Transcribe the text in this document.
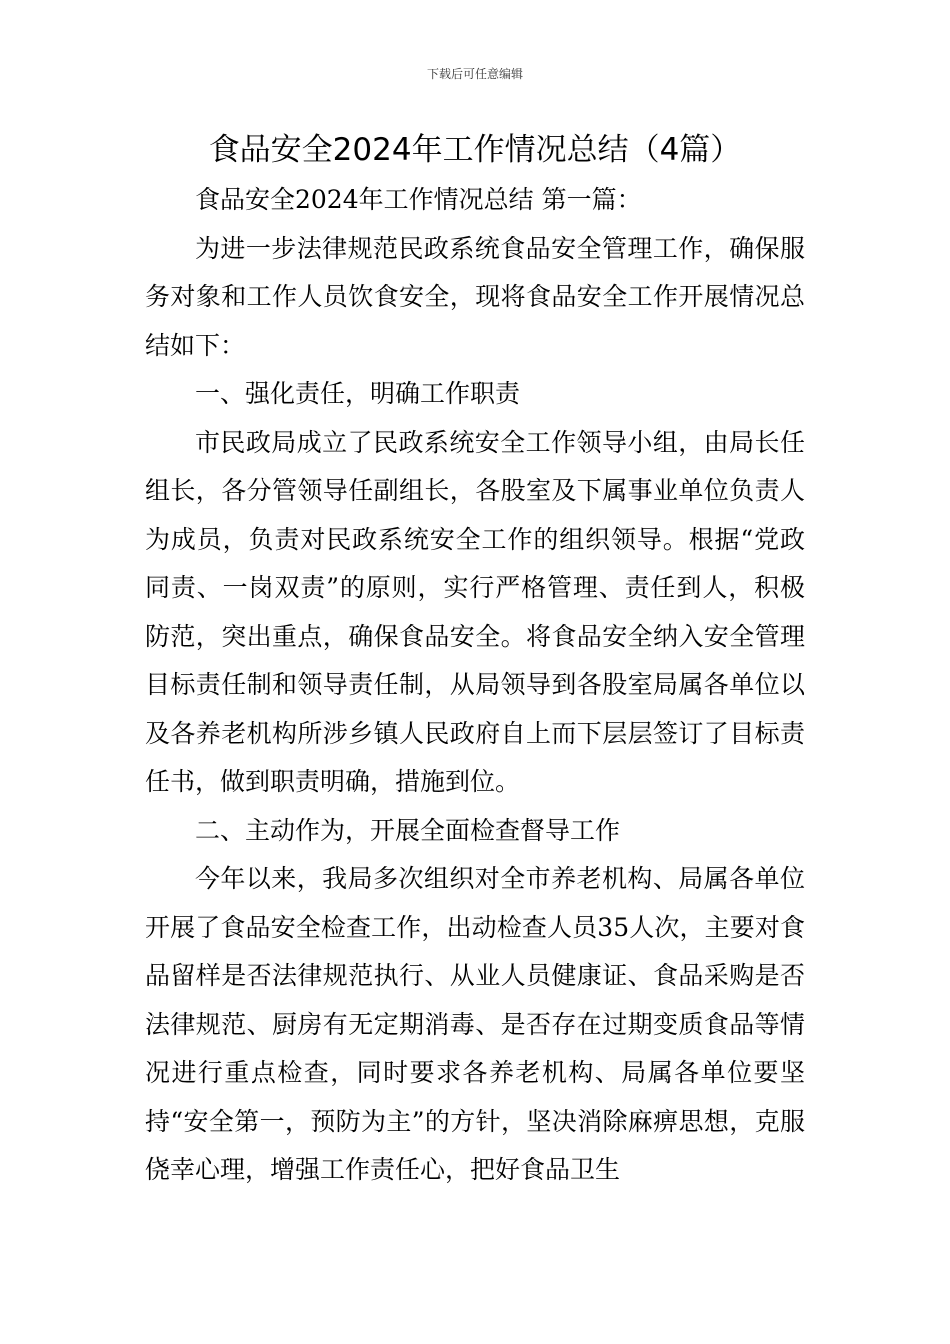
下载后可任意编辑
食品安全2024年工作情况总结（4篇）

食品安全2024年工作情况总结 第一篇：

为进一步法律规范民政系统食品安全管理工作，确保服务对象和工作人员饮食安全，现将食品安全工作开展情况总结如下：

一、强化责任，明确工作职责

市民政局成立了民政系统安全工作领导小组，由局长任组长，各分管领导任副组长，各股室及下属事业单位负责人为成员，负责对民政系统安全工作的组织领导。根据“党政同责、一岗双责”的原则，实行严格管理、责任到人，积极防范，突出重点，确保食品安全。将食品安全纳入安全管理目标责任制和领导责任制，从局领导到各股室局属各单位以及各养老机构所涉乡镇人民政府自上而下层层签订了目标责任书，做到职责明确，措施到位。

二、主动作为，开展全面检查督导工作

今年以来，我局多次组织对全市养老机构、局属各单位开展了食品安全检查工作，出动检查人员35人次，主要对食品留样是否法律规范执行、从业人员健康证、食品采购是否法律规范、厨房有无定期消毒、是否存在过期变质食品等情况进行重点检查，同时要求各养老机构、局属各单位要坚持“安全第一，预防为主”的方针，坚决消除麻痹思想，克服侥幸心理，增强工作责任心，把好食品卫生
